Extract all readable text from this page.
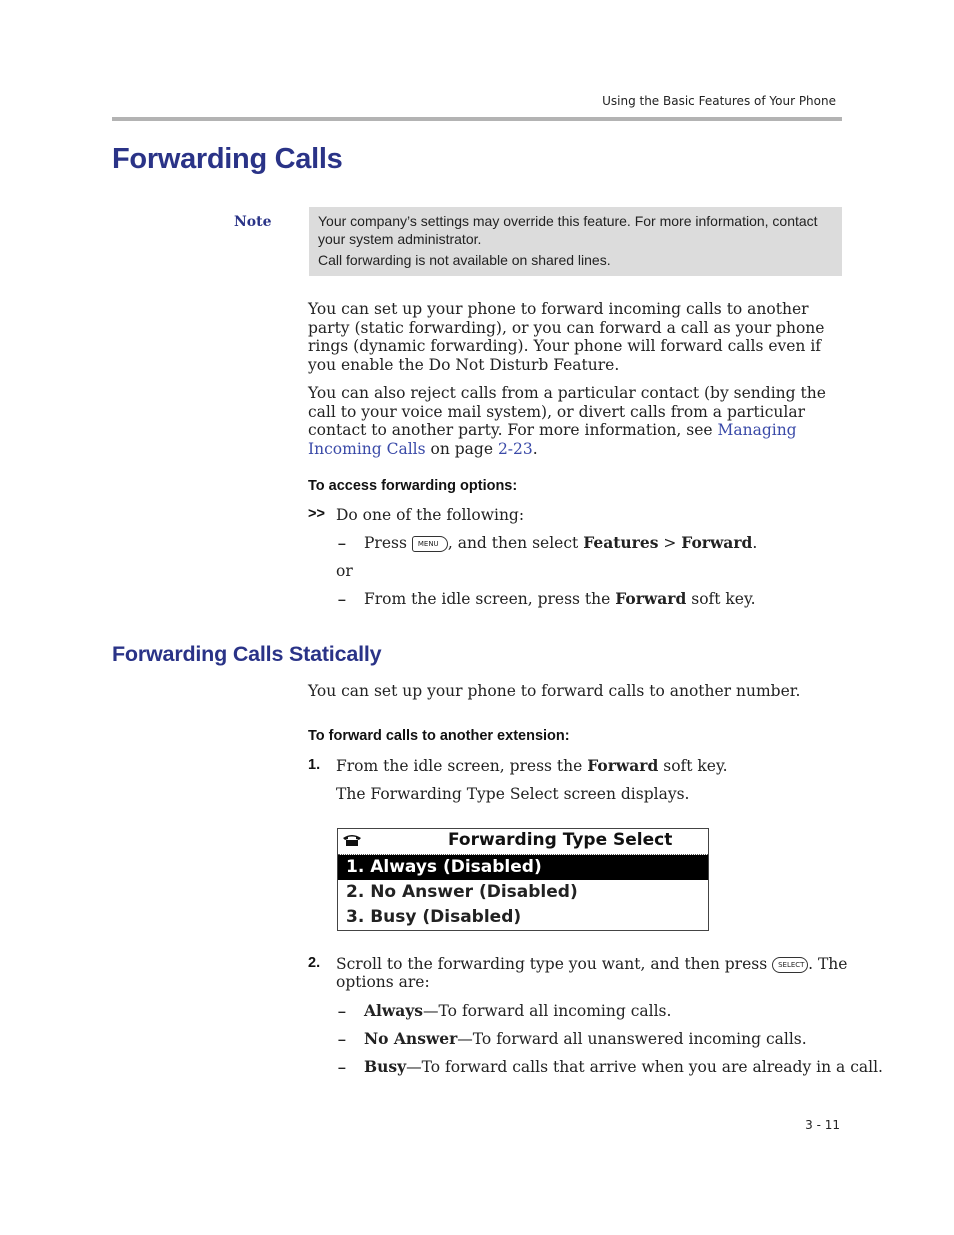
Using the Basic Features of Your Phone
Forwarding Calls
Note	Your company’s settings may override this feature. For more information, contact your system administrator.

Call forwarding is not available on shared lines.

You can set up your phone to forward incoming calls to another party (static forwarding), or you can forward a call as your phone rings (dynamic forwarding). Your phone will forward calls even if you enable the Do Not Disturb Feature.

You can also reject calls from a particular contact (by sending the call to your voice mail system), or divert calls from a particular contact to another party. For more information, see Managing Incoming Calls on page 2-23.

To access forwarding options:
>> Do one of the following:
– Press MENU , and then select Features > Forward.
or
– From the idle screen, press the Forward soft key.
Forwarding Calls Statically

You can set up your phone to forward calls to another number.

To forward calls to another extension:
1. From the idle screen, press the Forward soft key.
The Forwarding Type Select screen displays.
Forwarding Type Select
1. Always (Disabled)
2. No Answer (Disabled)
3. Busy (Disabled)
2. Scroll to the forwarding type you want, and then press SELECT . The
options are:
– Always—To forward all incoming calls.
– No Answer—To forward all unanswered incoming calls.
– Busy—To forward calls that arrive when you are already in a call.
3 - 11
